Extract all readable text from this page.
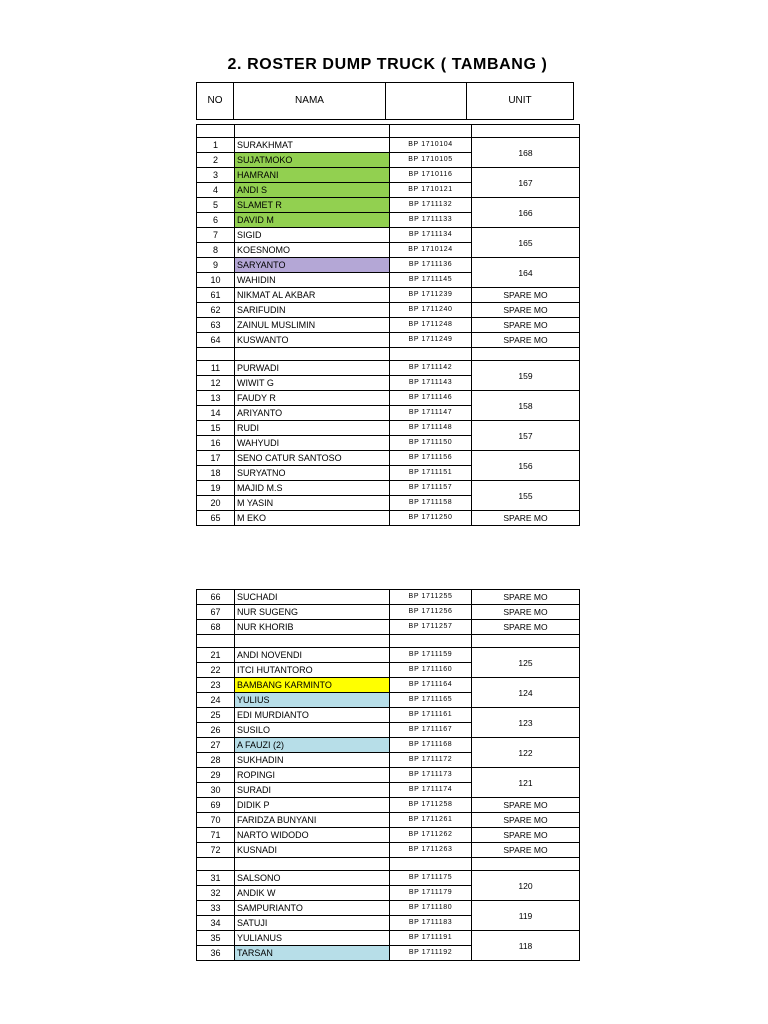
2. ROSTER DUMP TRUCK ( TAMBANG )
NO	NAMA		UNIT

1	SURAKHMAT	BP 1710104	168
2	SUJATMOKO	BP 1710105	
3	HAMRANI	BP 1710116	167
4	ANDI S	BP 1710121	
5	SLAMET R	BP 1711132	166
6	DAVID M	BP 1711133	
7	SIGID	BP 1711134	165
8	KOESNOMO	BP 1710124	
9	SARYANTO	BP 1711136	164
10	WAHIDIN	BP 1711145	
61	NIKMAT AL AKBAR	BP 1711239	SPARE MO
62	SARIFUDIN	BP 1711240	SPARE MO
63	ZAINUL MUSLIMIN	BP 1711248	SPARE MO
64	KUSWANTO	BP 1711249	SPARE MO

11	PURWADI	BP 1711142	159
12	WIWIT G	BP 1711143	
13	FAUDY R	BP 1711146	158
14	ARIYANTO	BP 1711147	
15	RUDI	BP 1711148	157
16	WAHYUDI	BP 1711150	
17	SENO CATUR SANTOSO	BP 1711156	156
18	SURYATNO	BP 1711151	
19	MAJID M.S	BP 1711157	155
20	M YASIN	BP 1711158	
65	M EKO	BP 1711250	SPARE MO
66	SUCHADI	BP 1711255	SPARE MO
67	NUR SUGENG	BP 1711256	SPARE MO
68	NUR KHORIB	BP 1711257	SPARE MO

21	ANDI NOVENDI	BP 1711159	125
22	ITCI HUTANTORO	BP 1711160	
23	BAMBANG KARMINTO	BP 1711164	124
24	YULIUS	BP 1711165	
25	EDI MURDIANTO	BP 1711161	123
26	SUSILO	BP 1711167	
27	A FAUZI (2)	BP 1711168	122
28	SUKHADIN	BP 1711172	
29	ROPINGI	BP 1711173	121
30	SURADI	BP 1711174	
69	DIDIK P	BP 1711258	SPARE MO
70	FARIDZA BUNYANI	BP 1711261	SPARE MO
71	NARTO WIDODO	BP 1711262	SPARE MO
72	KUSNADI	BP 1711263	SPARE MO

31	SALSONO	BP 1711175	120
32	ANDIK W	BP 1711179	
33	SAMPURIANTO	BP 1711180	119
34	SATUJI	BP 1711183	
35	YULIANUS	BP 1711191	118
36	TARSAN	BP 1711192	
